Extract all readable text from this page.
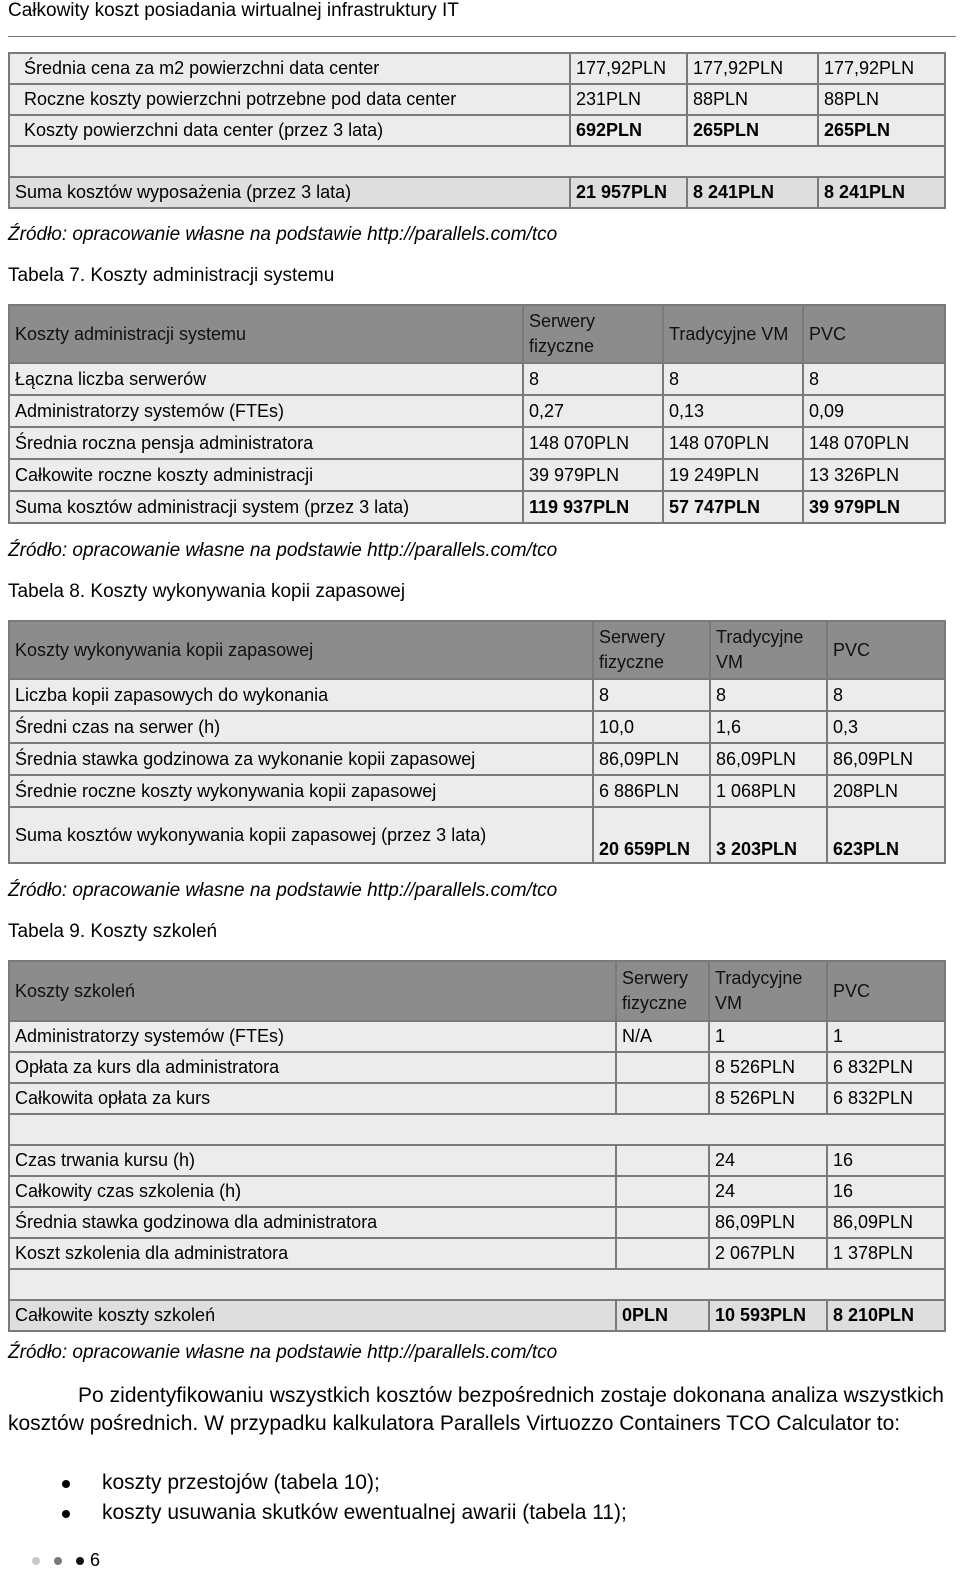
Całkowity koszt posiadania wirtualnej infrastruktury IT
Średnia cena za m2 powierzchni data center	177,92PLN	177,92PLN	177,92PLN
Roczne koszty powierzchni potrzebne pod data center	231PLN	88PLN	88PLN
Koszty powierzchni data center (przez 3 lata)	692PLN	265PLN	265PLN

Suma kosztów wyposażenia (przez 3 lata)	21 957PLN	8 241PLN	8 241PLN
Źródło: opracowanie własne na podstawie http://parallels.com/tco
Tabela 7. Koszty administracji systemu
Koszty administracji systemu	Serwery fizyczne	Tradycyjne VM	PVC
Łączna liczba serwerów	8	8	8
Administratorzy systemów (FTEs)	0,27	0,13	0,09
Średnia roczna pensja administratora	148 070PLN	148 070PLN	148 070PLN
Całkowite roczne koszty administracji	39 979PLN	19 249PLN	13 326PLN
Suma kosztów administracji system (przez 3 lata)	119 937PLN	57 747PLN	39 979PLN
Źródło: opracowanie własne na podstawie http://parallels.com/tco
Tabela 8. Koszty wykonywania kopii zapasowej
Koszty wykonywania kopii zapasowej	Serwery fizyczne	Tradycyjne VM	PVC
Liczba kopii zapasowych do wykonania	8	8	8
Średni czas na serwer (h)	10,0	1,6	0,3
Średnia stawka godzinowa za wykonanie kopii zapasowej	86,09PLN	86,09PLN	86,09PLN
Średnie roczne koszty wykonywania kopii zapasowej	6 886PLN	1 068PLN	208PLN
Suma kosztów wykonywania kopii zapasowej (przez 3 lata)	20 659PLN	3 203PLN	623PLN
Źródło: opracowanie własne na podstawie http://parallels.com/tco
Tabela 9. Koszty szkoleń
Koszty szkoleń	Serwery fizyczne	Tradycyjne VM	PVC
Administratorzy systemów (FTEs)	N/A	1	1
Opłata za kurs dla administratora		8 526PLN	6 832PLN
Całkowita opłata za kurs		8 526PLN	6 832PLN

Czas trwania kursu (h)		24	16
Całkowity czas szkolenia (h)		24	16
Średnia stawka godzinowa dla administratora		86,09PLN	86,09PLN
Koszt szkolenia dla administratora		2 067PLN	1 378PLN

Całkowite koszty szkoleń	0PLN	10 593PLN	8 210PLN
Źródło: opracowanie własne na podstawie http://parallels.com/tco

Po zidentyfikowaniu wszystkich kosztów bezpośrednich zostaje dokonana analiza wszystkich kosztów pośrednich. W przypadku kalkulatora Parallels Virtuozzo Containers TCO Calculator to:

koszty przestojów (tabela 10);
koszty usuwania skutków ewentualnej awarii (tabela 11);
6
